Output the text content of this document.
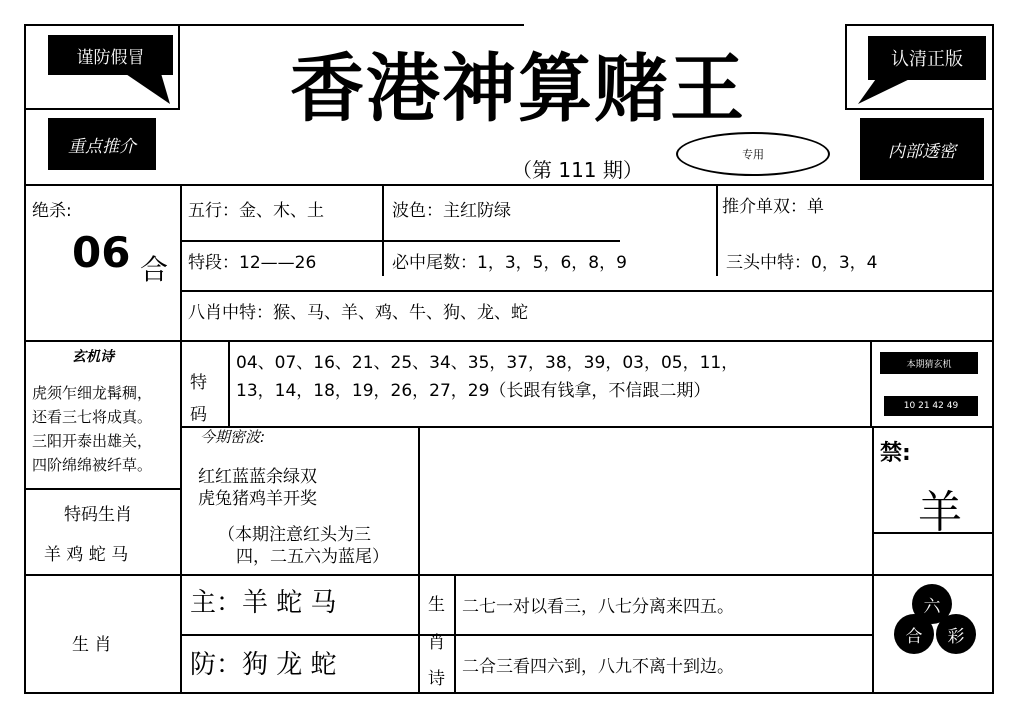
谨防假冒	认清正版
重点推介	内部透密
香港神算赌王
（第 111 期）
专用
绝杀:
06 合
五行：金、木、土	波色：主红防绿	推介单双：单
特段：12——26	必中尾数：1，3，5，6，8，9	三头中特：0，3，4
八肖中特：猴、马、羊、鸡、牛、狗、龙、蛇
玄机诗
虎须乍细龙髯稠，
还看三七将成真。
三阳开泰出雄关，
四阶绵绵被纤草。
特
码
04、07、16、21、25、34、35，37，38，39，03，05，11，
13，14，18，19，26，27，29（长跟有钱拿，不信跟二期）
本期猜玄机
10 21 42 49
今期密波:
红红蓝蓝余绿双
虎兔猪鸡羊开奖
（本期注意红头为三
四，二五六为蓝尾）
特码生肖
羊 鸡 蛇 马
禁:
羊
生 肖
主：羊 蛇 马
防：狗 龙 蛇
生
肖
诗
二七一对以看三，八七分离来四五。
二合三看四六到，八九不离十到边。
六
合 彩
